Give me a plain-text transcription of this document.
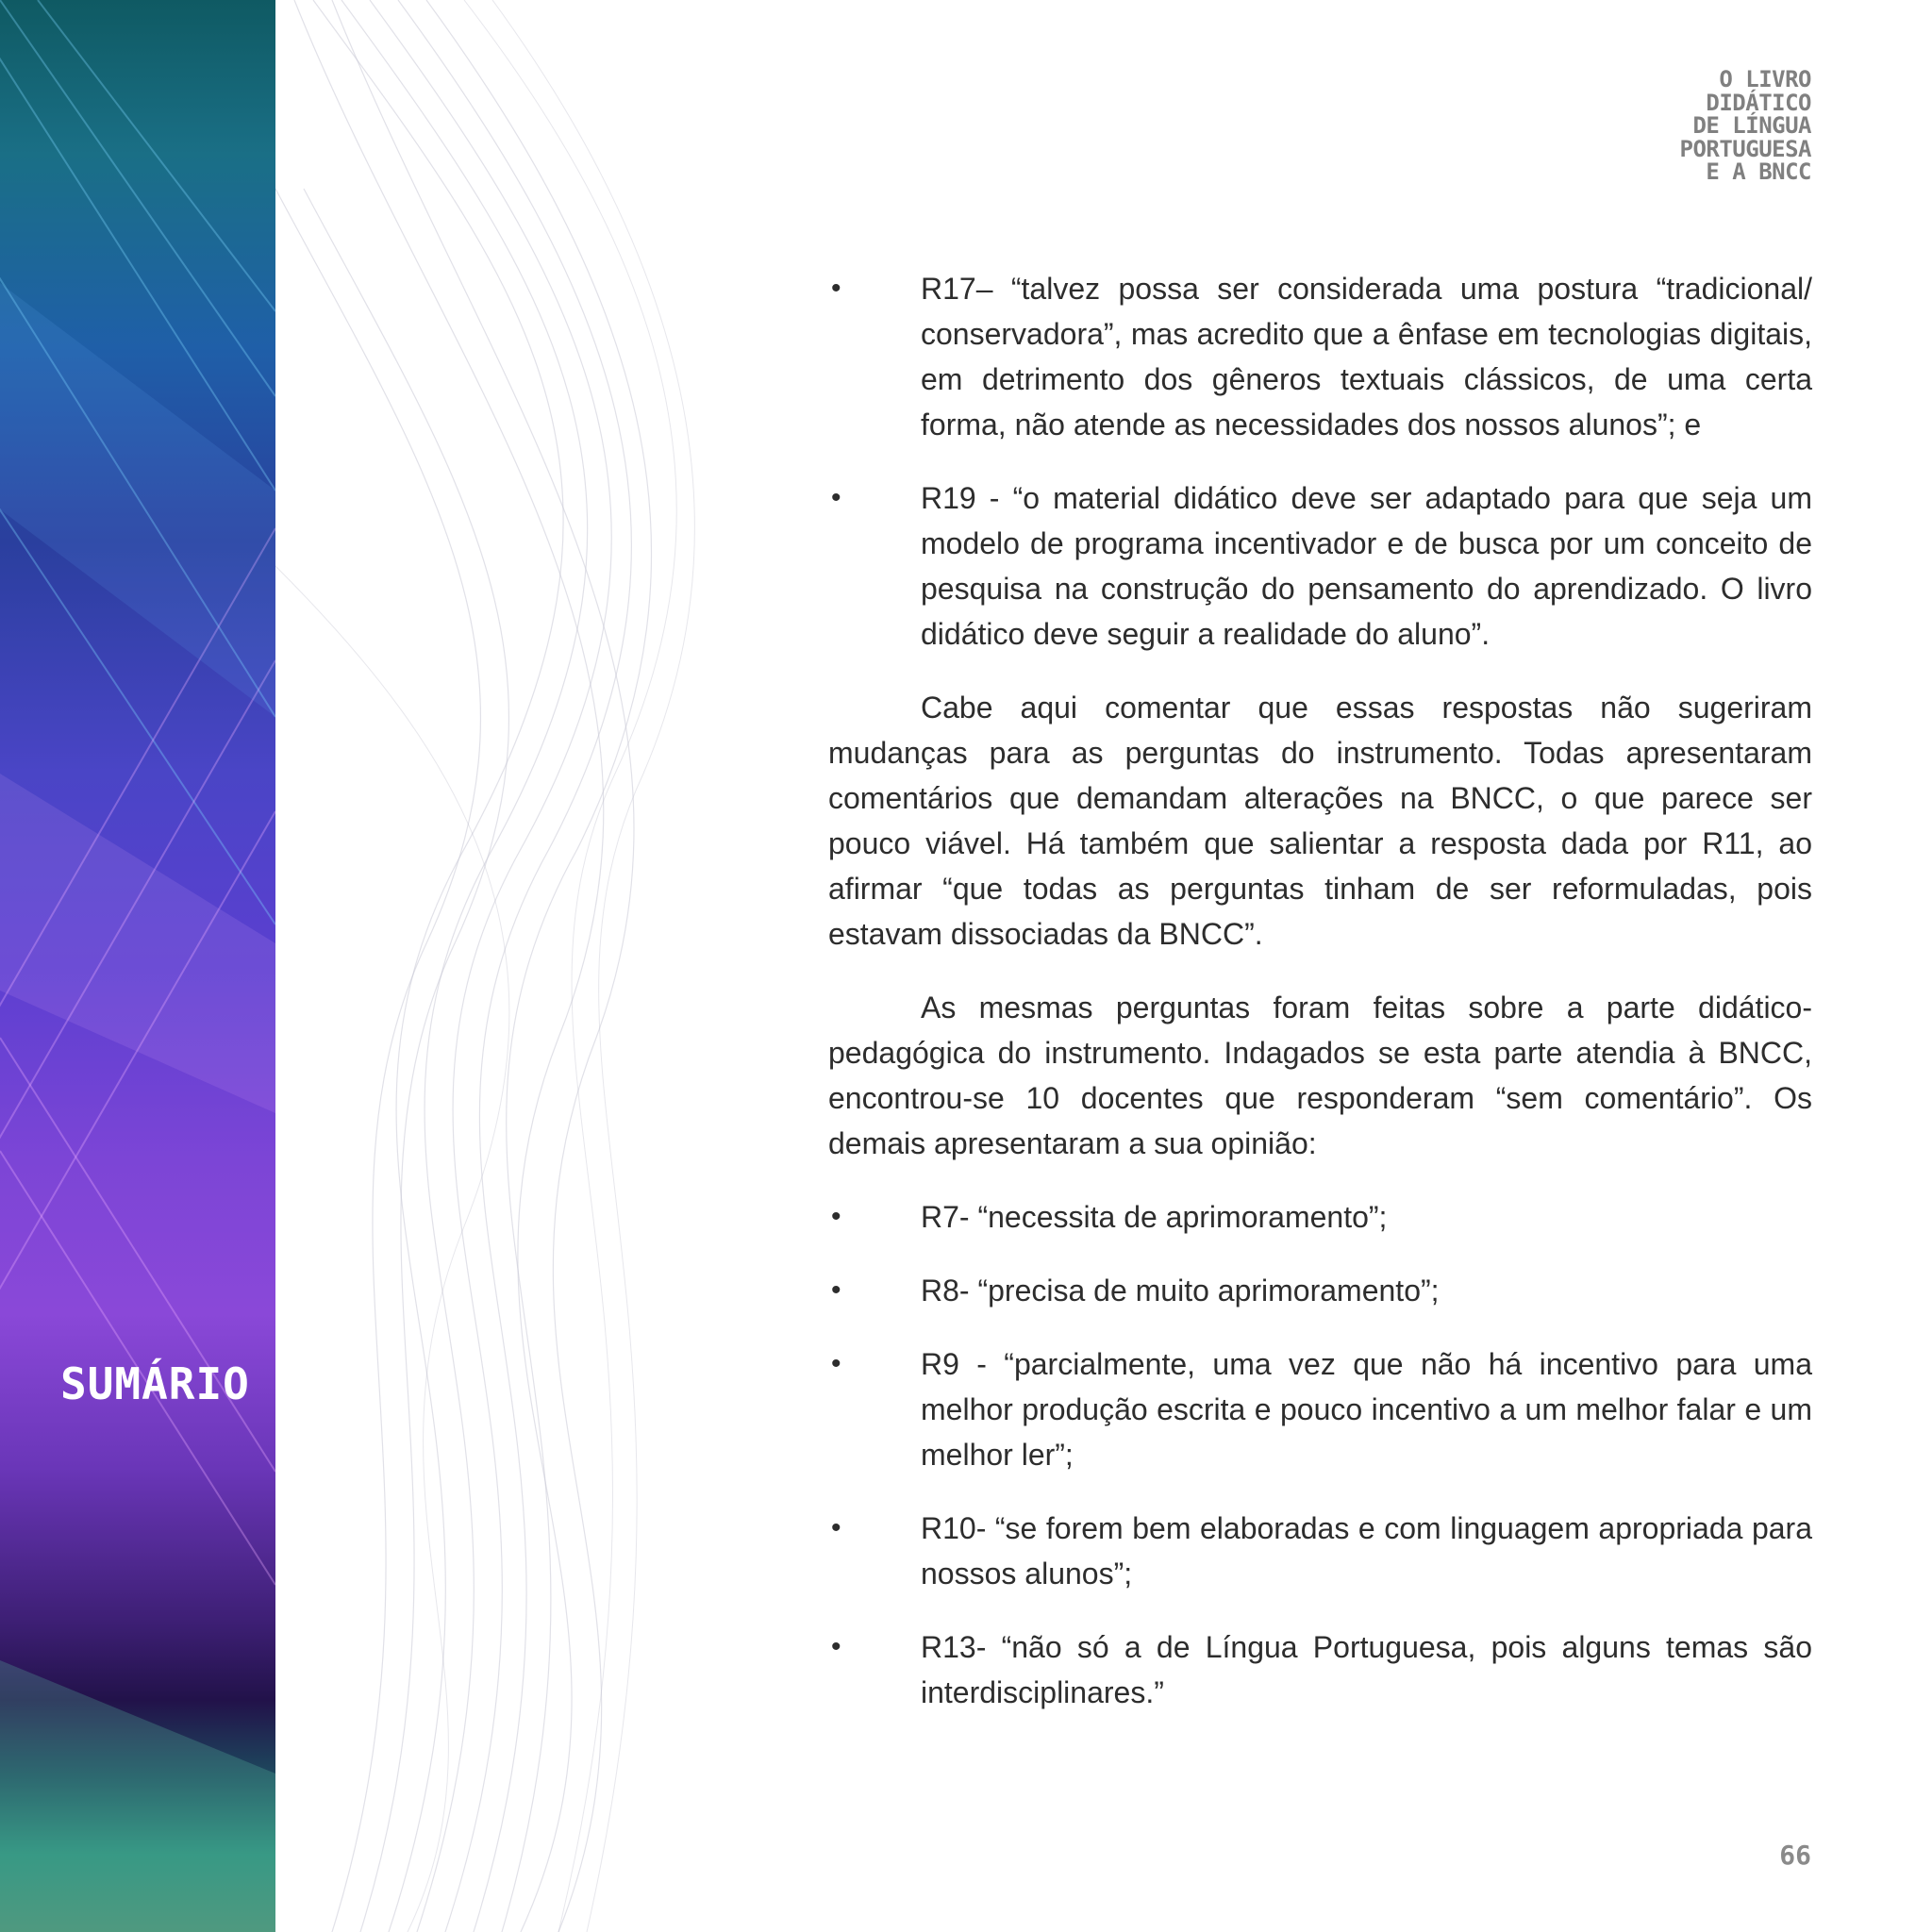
SUMÁRIO
O LIVRO
DIDÁTICO
DE LÍNGUA
PORTUGUESA
E A BNCC
•	R17– “talvez possa ser considerada uma postura “tradicional/ conservadora”, mas acredito que a ênfase em tecnologias digitais, em detrimento dos gêneros textuais clássicos, de uma certa forma, não atende as necessidades dos nossos alunos”; e
•	R19 - “o material didático deve ser adaptado para que seja um modelo de programa incentivador e de busca por um conceito de pesquisa na construção do pensamento do aprendizado. O livro didático deve seguir a realidade do aluno”.

Cabe aqui comentar que essas respostas não sugeriram mudanças para as perguntas do instrumento. Todas apresentaram comentários que demandam alterações na BNCC, o que parece ser pouco viável. Há também que salientar a resposta dada por R11, ao afirmar “que todas as perguntas tinham de ser reformuladas, pois estavam dissociadas da BNCC”.

As mesmas perguntas foram feitas sobre a parte didático-pedagógica do instrumento. Indagados se esta parte atendia à BNCC, encontrou-se 10 docentes que responderam “sem comentário”. Os demais apresentaram a sua opinião:

•	R7- “necessita de aprimoramento”;
•	R8- “precisa de muito aprimoramento”;
•	R9 - “parcialmente, uma vez que não há incentivo para uma melhor produção escrita e pouco incentivo a um melhor falar e um melhor ler”;
•	R10- “se forem bem elaboradas e com linguagem apropriada para nossos alunos”;
•	R13- “não só a de Língua Portuguesa, pois alguns temas são interdisciplinares.”
66
